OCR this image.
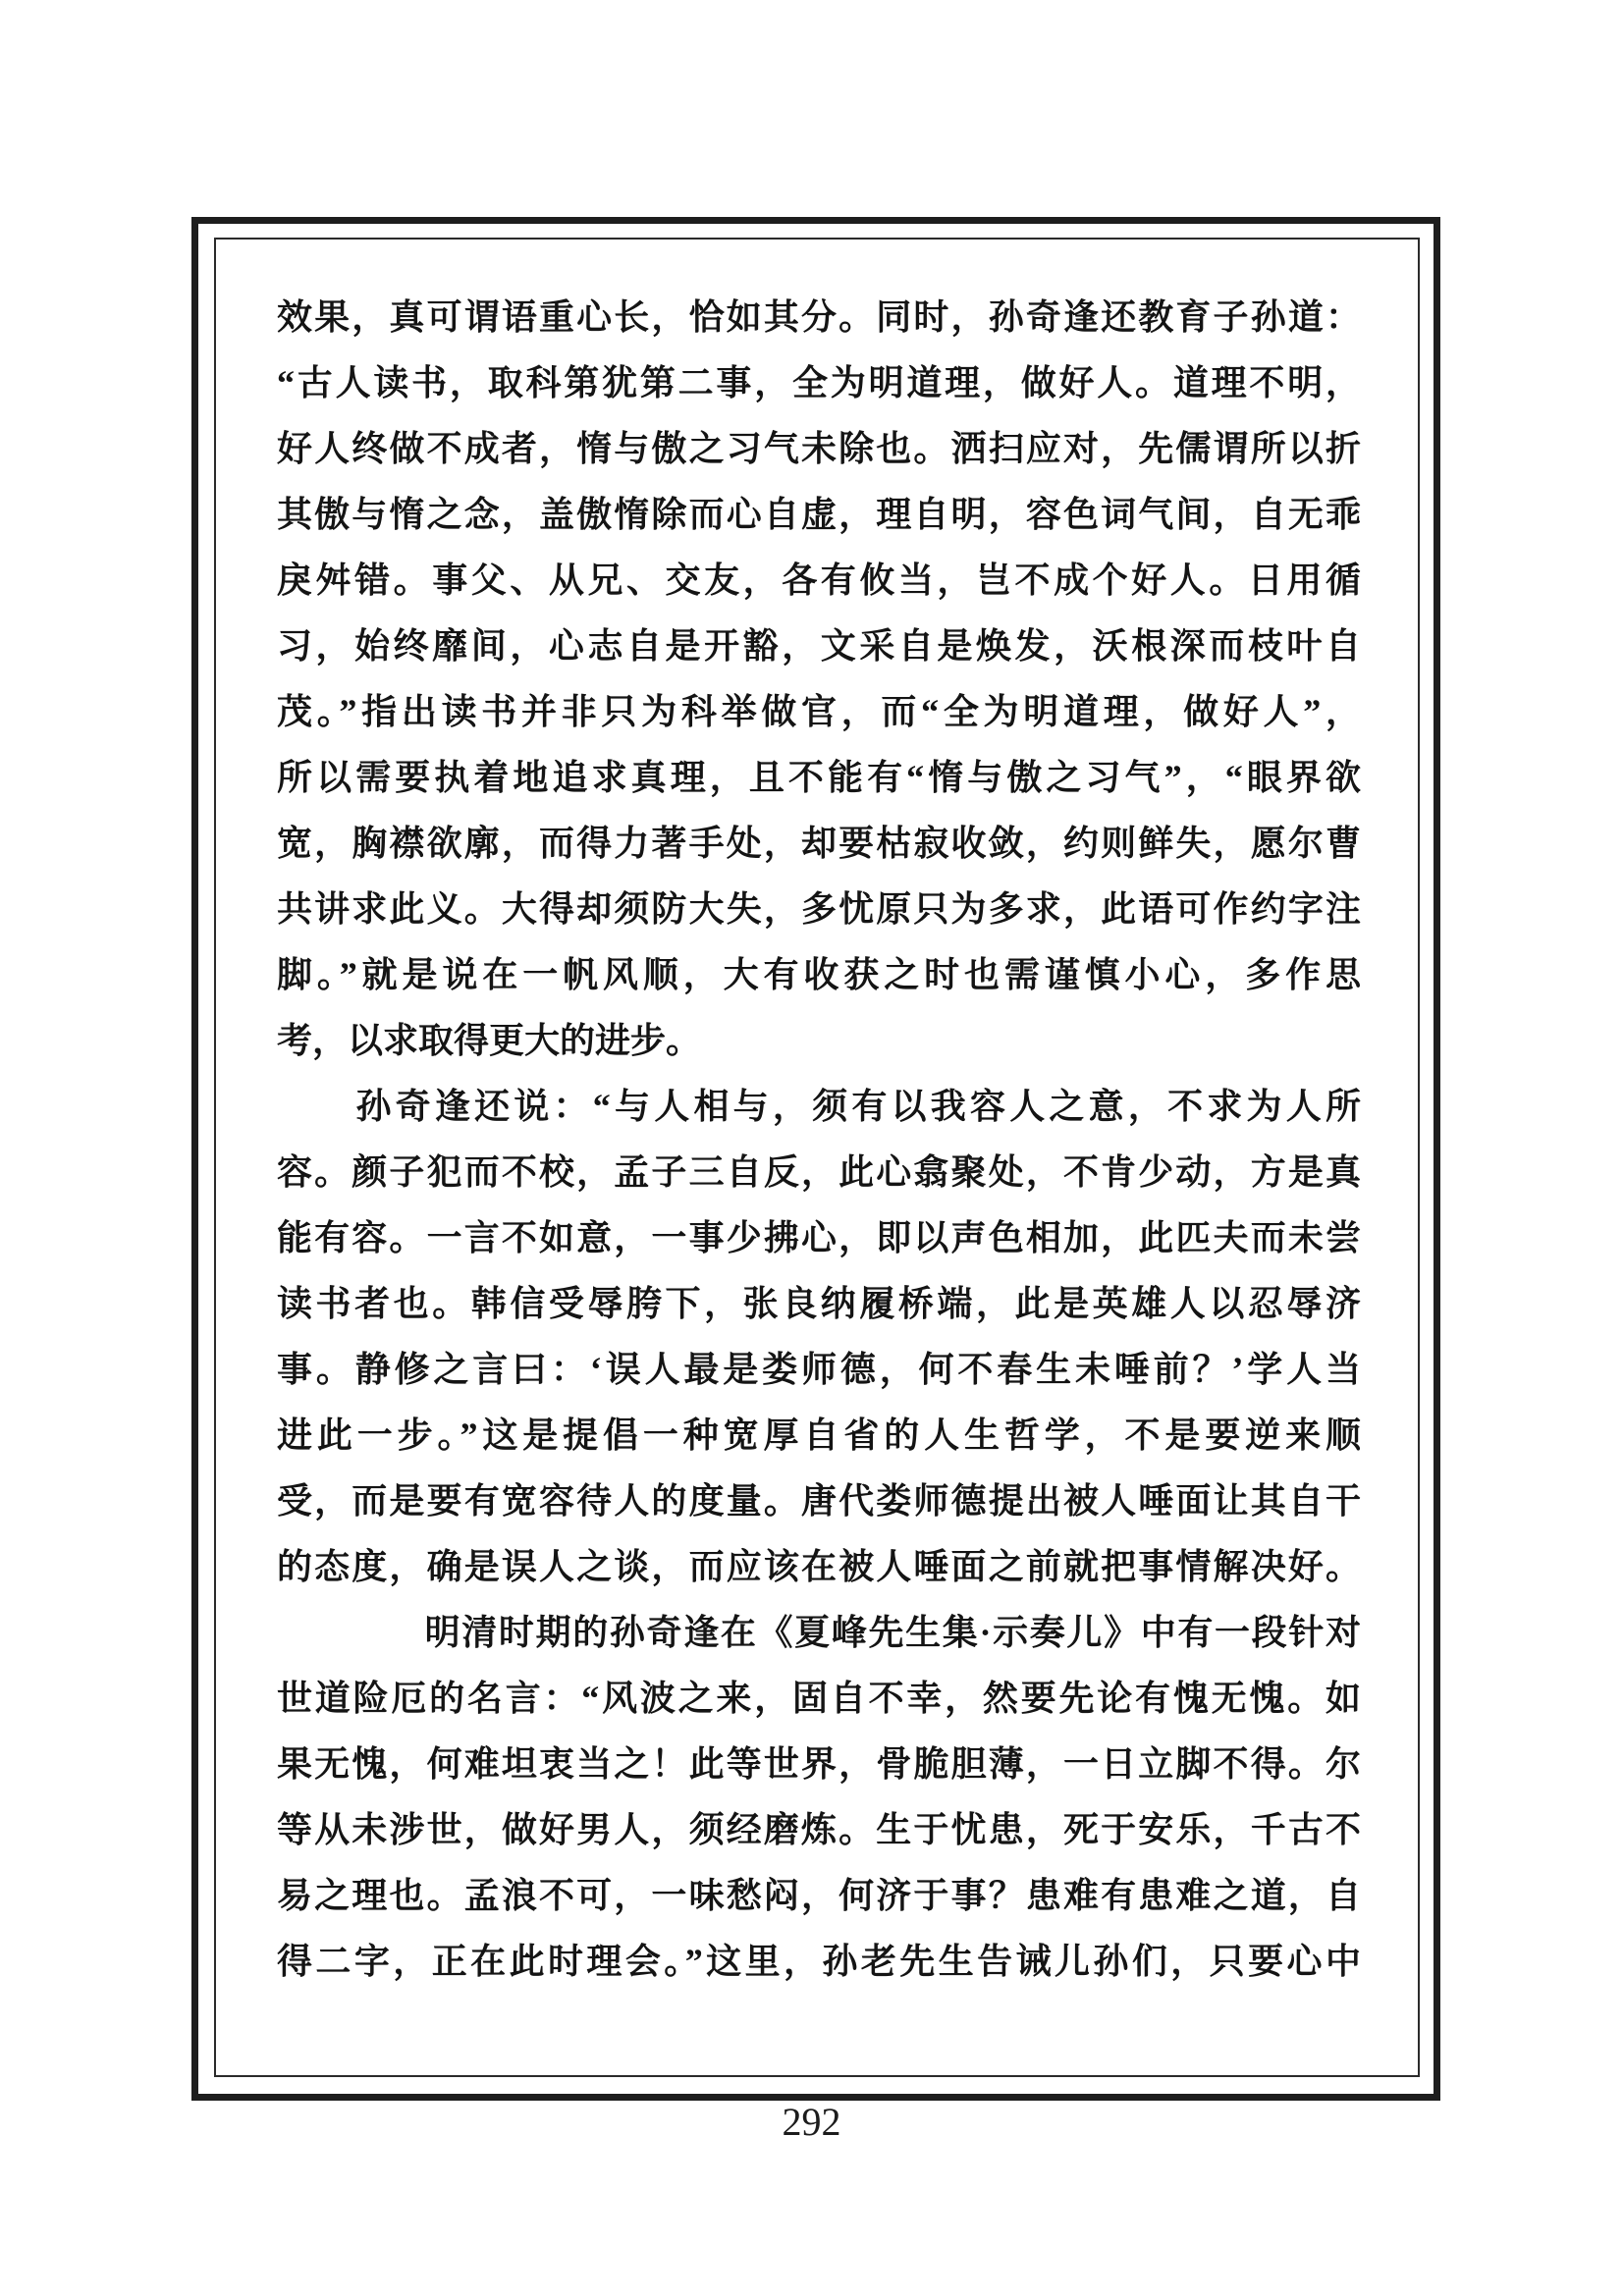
效果，真可谓语重心长，恰如其分。同时，孙奇逢还教育子孙道：
“古人读书，取科第犹第二事，全为明道理，做好人。道理不明，
好人终做不成者，惰与傲之习气未除也。洒扫应对，先儒谓所以折
其傲与惰之念，盖傲惰除而心自虚，理自明，容色词气间，自无乖
戾舛错。事父、从兄、交友，各有攸当，岂不成个好人。日用循
习，始终靡间，心志自是开豁，文采自是焕发，沃根深而枝叶自
茂。”指出读书并非只为科举做官，而“全为明道理，做好人”，
所以需要执着地追求真理，且不能有“惰与傲之习气”，“眼界欲
宽，胸襟欲廓，而得力著手处，却要枯寂收敛，约则鲜失，愿尔曹
共讲求此义。大得却须防大失，多忧原只为多求，此语可作约字注
脚。”就是说在一帆风顺，大有收获之时也需谨慎小心，多作思
考，以求取得更大的进步。
　　孙奇逢还说：“与人相与，须有以我容人之意，不求为人所
容。颜子犯而不校，孟子三自反，此心翕聚处，不肯少动，方是真
能有容。一言不如意，一事少拂心，即以声色相加，此匹夫而未尝
读书者也。韩信受辱胯下，张良纳履桥端，此是英雄人以忍辱济
事。静修之言曰：‘误人最是娄师德，何不春生未唾前？’学人当
进此一步。”这是提倡一种宽厚自省的人生哲学，不是要逆来顺
受，而是要有宽容待人的度量。唐代娄师德提出被人唾面让其自干
的态度，确是误人之谈，而应该在被人唾面之前就把事情解决好。
　　　　明清时期的孙奇逢在《夏峰先生集·示奏儿》中有一段针对
世道险厄的名言：“风波之来，固自不幸，然要先论有愧无愧。如
果无愧，何难坦衷当之！此等世界，骨脆胆薄，一日立脚不得。尔
等从未涉世，做好男人，须经磨炼。生于忧患，死于安乐，千古不
易之理也。孟浪不可，一味愁闷，何济于事？患难有患难之道，自
得二字，正在此时理会。”这里，孙老先生告诫儿孙们，只要心中
292
